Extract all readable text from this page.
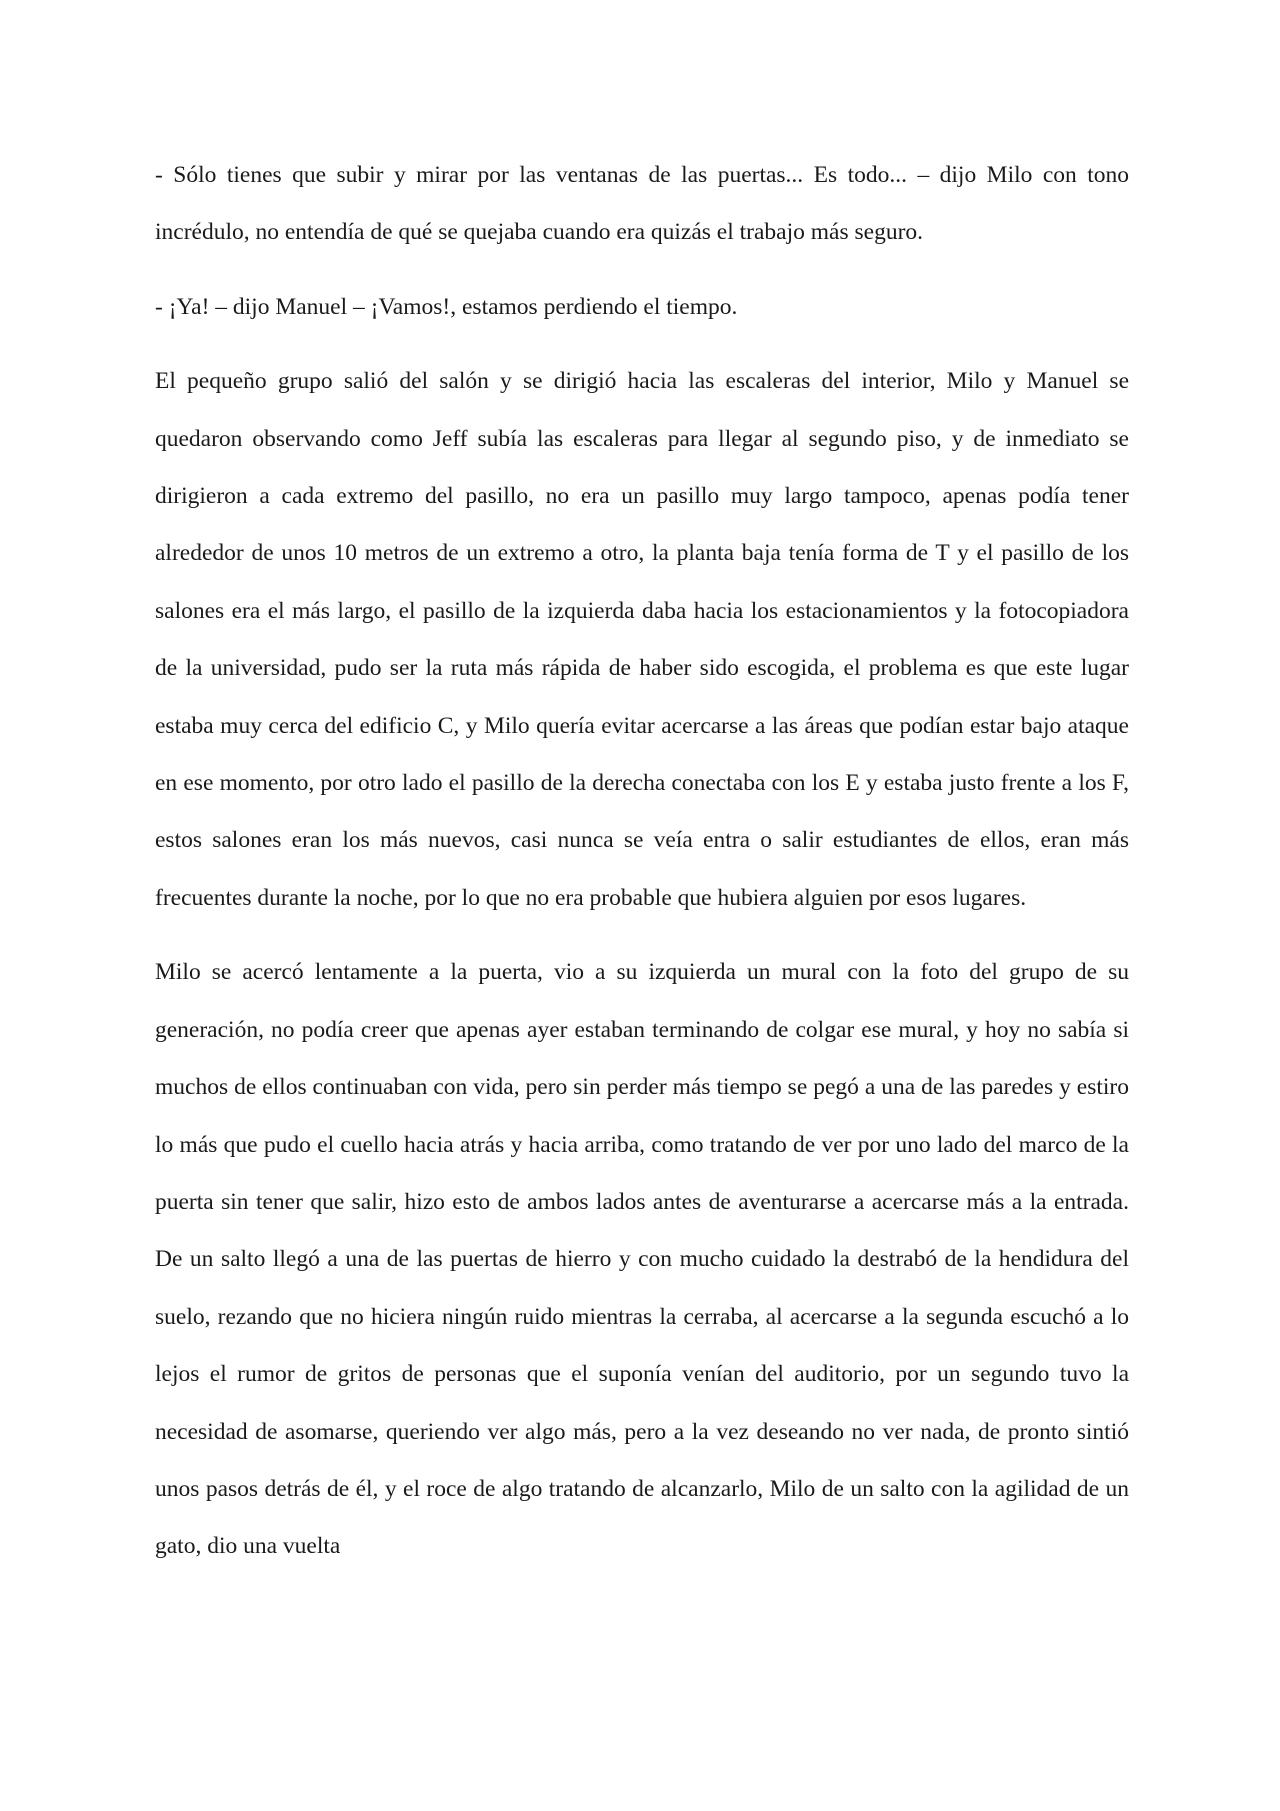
- Sólo tienes que subir y mirar por las ventanas de las puertas... Es todo... – dijo Milo con tono incrédulo, no entendía de qué se quejaba cuando era quizás el trabajo más seguro.

- ¡Ya! – dijo Manuel – ¡Vamos!, estamos perdiendo el tiempo.

El pequeño grupo salió del salón y se dirigió hacia las escaleras del interior, Milo y Manuel se quedaron observando como Jeff subía las escaleras para llegar al segundo piso, y de inmediato se dirigieron a cada extremo del pasillo, no era un pasillo muy largo tampoco, apenas podía tener alrededor de unos 10 metros de un extremo a otro, la planta baja tenía forma de T y el pasillo de los salones era el más largo, el pasillo de la izquierda daba hacia los estacionamientos y la fotocopiadora de la universidad, pudo ser la ruta más rápida de haber sido escogida, el problema es que este lugar estaba muy cerca del edificio C, y Milo quería evitar acercarse a las áreas que podían estar bajo ataque en ese momento, por otro lado el pasillo de la derecha conectaba con los E y estaba justo frente a los F, estos salones eran los más nuevos, casi nunca se veía entra o salir estudiantes de ellos, eran más frecuentes durante la noche, por lo que no era probable que hubiera alguien por esos lugares.

Milo se acercó lentamente a la puerta, vio a su izquierda un mural con la foto del grupo de su generación, no podía creer que apenas ayer estaban terminando de colgar ese mural, y hoy no sabía si muchos de ellos continuaban con vida, pero sin perder más tiempo se pegó a una de las paredes y estiro lo más que pudo el cuello hacia atrás y hacia arriba, como tratando de ver por uno lado del marco de la puerta sin tener que salir, hizo esto de ambos lados antes de aventurarse a acercarse más a la entrada. De un salto llegó a una de las puertas de hierro y con mucho cuidado la destrabó de la hendidura del suelo, rezando que no hiciera ningún ruido mientras la cerraba, al acercarse a la segunda escuchó a lo lejos el rumor de gritos de personas que el suponía venían del auditorio, por un segundo tuvo la necesidad de asomarse, queriendo ver algo más, pero a la vez deseando no ver nada, de pronto sintió unos pasos detrás de él, y el roce de algo tratando de alcanzarlo, Milo de un salto con la agilidad de un gato, dio una vuelta
